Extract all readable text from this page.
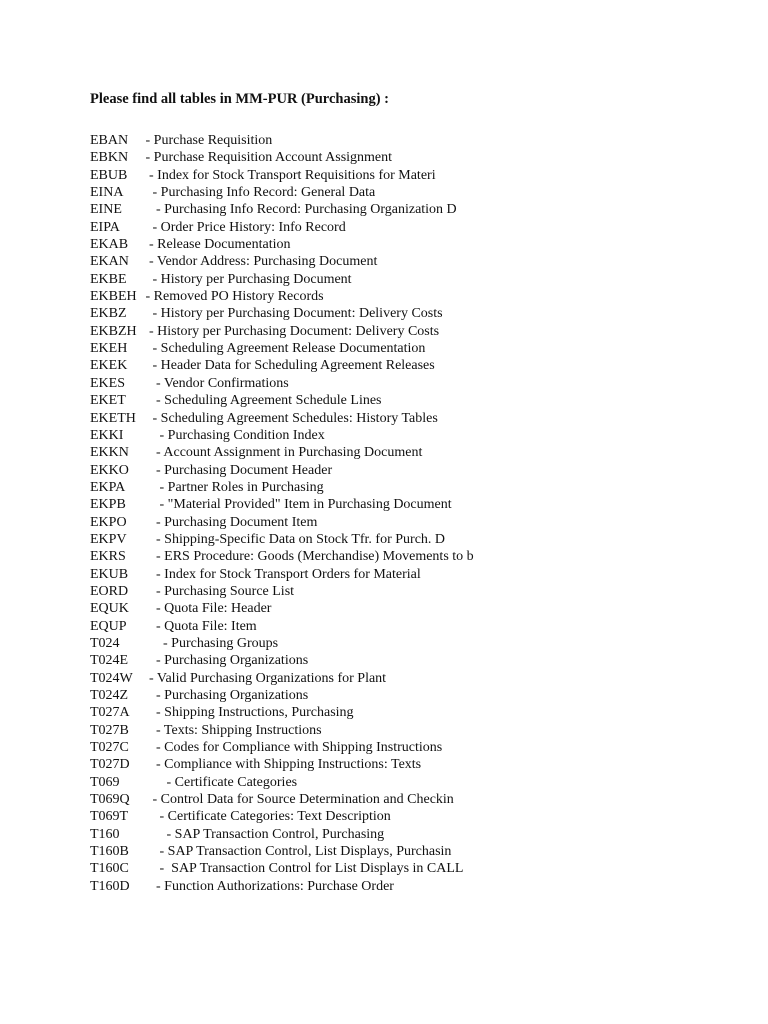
Please find all tables in MM-PUR (Purchasing) :
EBAN - Purchase Requisition
EBKN - Purchase Requisition Account Assignment
EBUB	- Index for Stock Transport Requisitions for Materi
EINA	- Purchasing Info Record: General Data
EINE	- Purchasing Info Record: Purchasing Organization D
EIPA	- Order Price History: Info Record
EKAB - Release Documentation
EKAN - Vendor Address: Purchasing Document
EKBE	- History per Purchasing Document
EKBEH - Removed PO History Records
EKBZ	- History per Purchasing Document: Delivery Costs
EKBZH - History per Purchasing Document: Delivery Costs
EKEH	- Scheduling Agreement Release Documentation
EKEK	- Header Data for Scheduling Agreement Releases
EKES	- Vendor Confirmations
EKET	- Scheduling Agreement Schedule Lines
EKETH - Scheduling Agreement Schedules: History Tables
EKKI	- Purchasing Condition Index
EKKN - Account Assignment in Purchasing Document
EKKO - Purchasing Document Header
EKPA	- Partner Roles in Purchasing
EKPB	- "Material Provided" Item in Purchasing Document
EKPO	- Purchasing Document Item
EKPV	- Shipping-Specific Data on Stock Tfr. for Purch. D
EKRS	- ERS Procedure: Goods (Merchandise) Movements to b
EKUB - Index for Stock Transport Orders for Material
EORD - Purchasing Source List
EQUK - Quota File: Header
EQUP	- Quota File: Item
T024	- Purchasing Groups
T024E - Purchasing Organizations
T024W - Valid Purchasing Organizations for Plant
T024Z - Purchasing Organizations
T027A - Shipping Instructions, Purchasing
T027B - Texts: Shipping Instructions
T027C - Codes for Compliance with Shipping Instructions
T027D - Compliance with Shipping Instructions: Texts
T069	- Certificate Categories
T069Q - Control Data for Source Determination and Checkin
T069T - Certificate Categories: Text Description
T160	- SAP Transaction Control, Purchasing
T160B - SAP Transaction Control, List Displays, Purchasin
T160C -  SAP Transaction Control for List Displays in CALL
T160D - Function Authorizations: Purchase Order
